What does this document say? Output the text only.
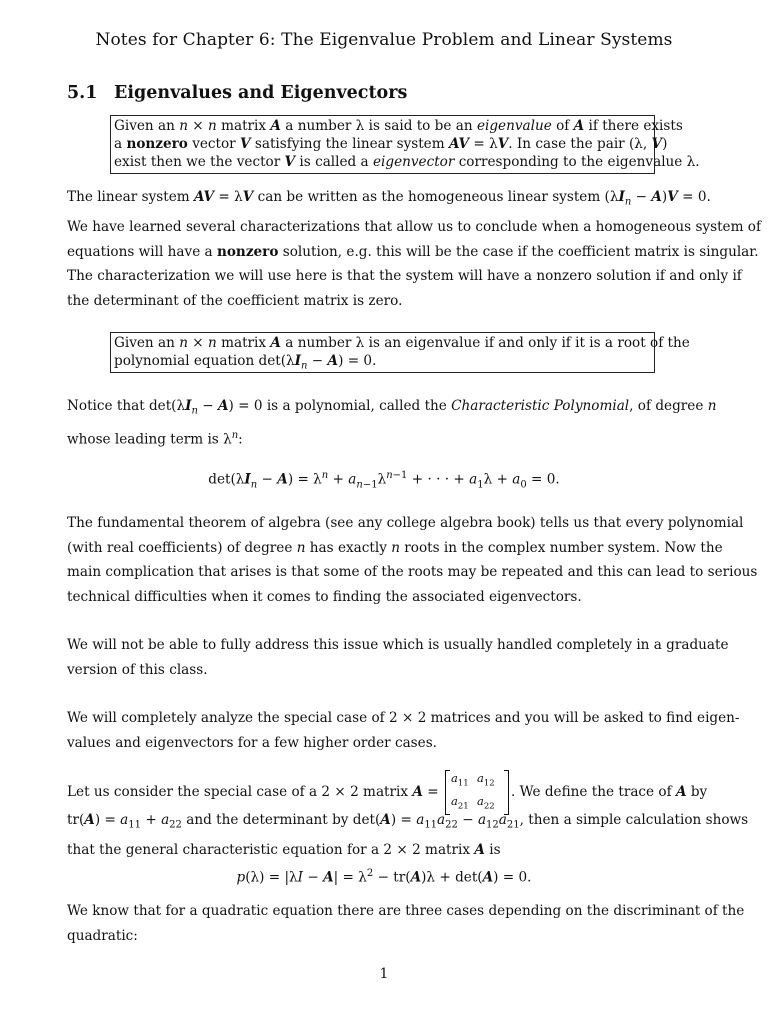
Notes for Chapter 6: The Eigenvalue Problem and Linear Systems
5.1 Eigenvalues and Eigenvectors
Given an n × n matrix A a number λ is said to be an eigenvalue of A if there exists
a nonzero vector V satisfying the linear system AV = λV. In case the pair (λ, V)
exist then we the vector V is called a eigenvector corresponding to the eigenvalue λ.
The linear system AV = λV can be written as the homogeneous linear system $(\lambda I_n - A)V = 0$.
We have learned several characterizations that allow us to conclude when a homogeneous system of
equations will have a nonzero solution, e.g. this will be the case if the coefficient matrix is singular.
The characterization we will use here is that the system will have a nonzero solution if and only if
the determinant of the coefficient matrix is zero.
Given an n × n matrix A a number λ is an eigenvalue if and only if it is a root of the
polynomial equation $\det(\lambda I_n - A) = 0$.
Notice that $\det(\lambda I_n - A) = 0$ is a polynomial, called the Characteristic Polynomial, of degree n
whose leading term is $\lambda^n$:
$\det(\lambda I_n - A) = \lambda^n + a_{n-1}\lambda^{n-1}$ + · · · + $a_1\lambda + a_0 = 0$.
The fundamental theorem of algebra (see any college algebra book) tells us that every polynomial
(with real coefficients) of degree n has exactly n roots in the complex number system. Now the
main complication that arises is that some of the roots may be repeated and this can lead to serious
technical difficulties when it comes to finding the associated eigenvectors.
We will not be able to fully address this issue which is usually handled completely in a graduate
version of this class.
We will completely analyze the special case of 2 × 2 matrices and you will be asked to find eigen-
values and eigenvectors for a few higher order cases.
Let us consider the special case of a 2 × 2 matrix A =
$a_{11}$ $a_{12}$
$a_{21}$ $a_{22}$
. We define the trace of A by
$tr(A) = a_{11} + a_{22}$ and the determinant by $\det(A) = a_{11}a_{22} - a_{12}a_{21}$, then a simple calculation shows
that the general characteristic equation for a 2 × 2 matrix A is
$p(\lambda) = |\lambda I - A| = \lambda^2 - tr(A)\lambda + \det(A) = 0$.
We know that for a quadratic equation there are three cases depending on the discriminant of the
quadratic:
1
